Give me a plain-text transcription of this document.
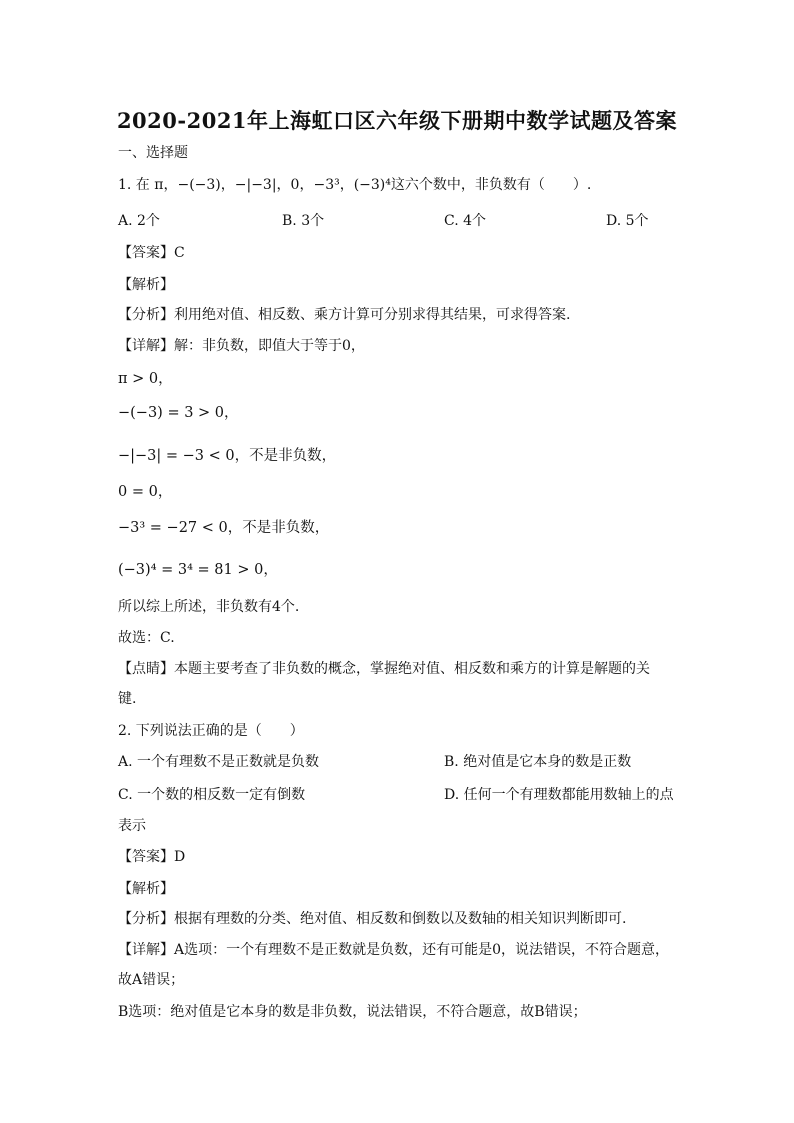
2020-2021年上海虹口区六年级下册期中数学试题及答案
一、选择题
1. 在 π，−(−3)，−|−3|，0，−3³，(−3)⁴这六个数中，非负数有（　　）.
A. 2个	B. 3个	C. 4个	D. 5个
【答案】C
【解析】
【分析】利用绝对值、相反数、乘方计算可分别求得其结果，可求得答案.
【详解】解：非负数，即值大于等于0，
π > 0，
−(−3) = 3 > 0，
−|−3| = −3 < 0，不是非负数，
0 = 0，
−3³ = −27 < 0，不是非负数，
(−3)⁴ = 3⁴ = 81 > 0，
所以综上所述，非负数有4个.
故选：C.
【点睛】本题主要考查了非负数的概念，掌握绝对值、相反数和乘方的计算是解题的关
键.
2. 下列说法正确的是（　　）
A. 一个有理数不是正数就是负数	B. 绝对值是它本身的数是正数
C. 一个数的相反数一定有倒数	D. 任何一个有理数都能用数轴上的点
表示
【答案】D
【解析】
【分析】根据有理数的分类、绝对值、相反数和倒数以及数轴的相关知识判断即可.
【详解】A选项：一个有理数不是正数就是负数，还有可能是0，说法错误，不符合题意，
故A错误；
B选项：绝对值是它本身的数是非负数，说法错误，不符合题意，故B错误；
